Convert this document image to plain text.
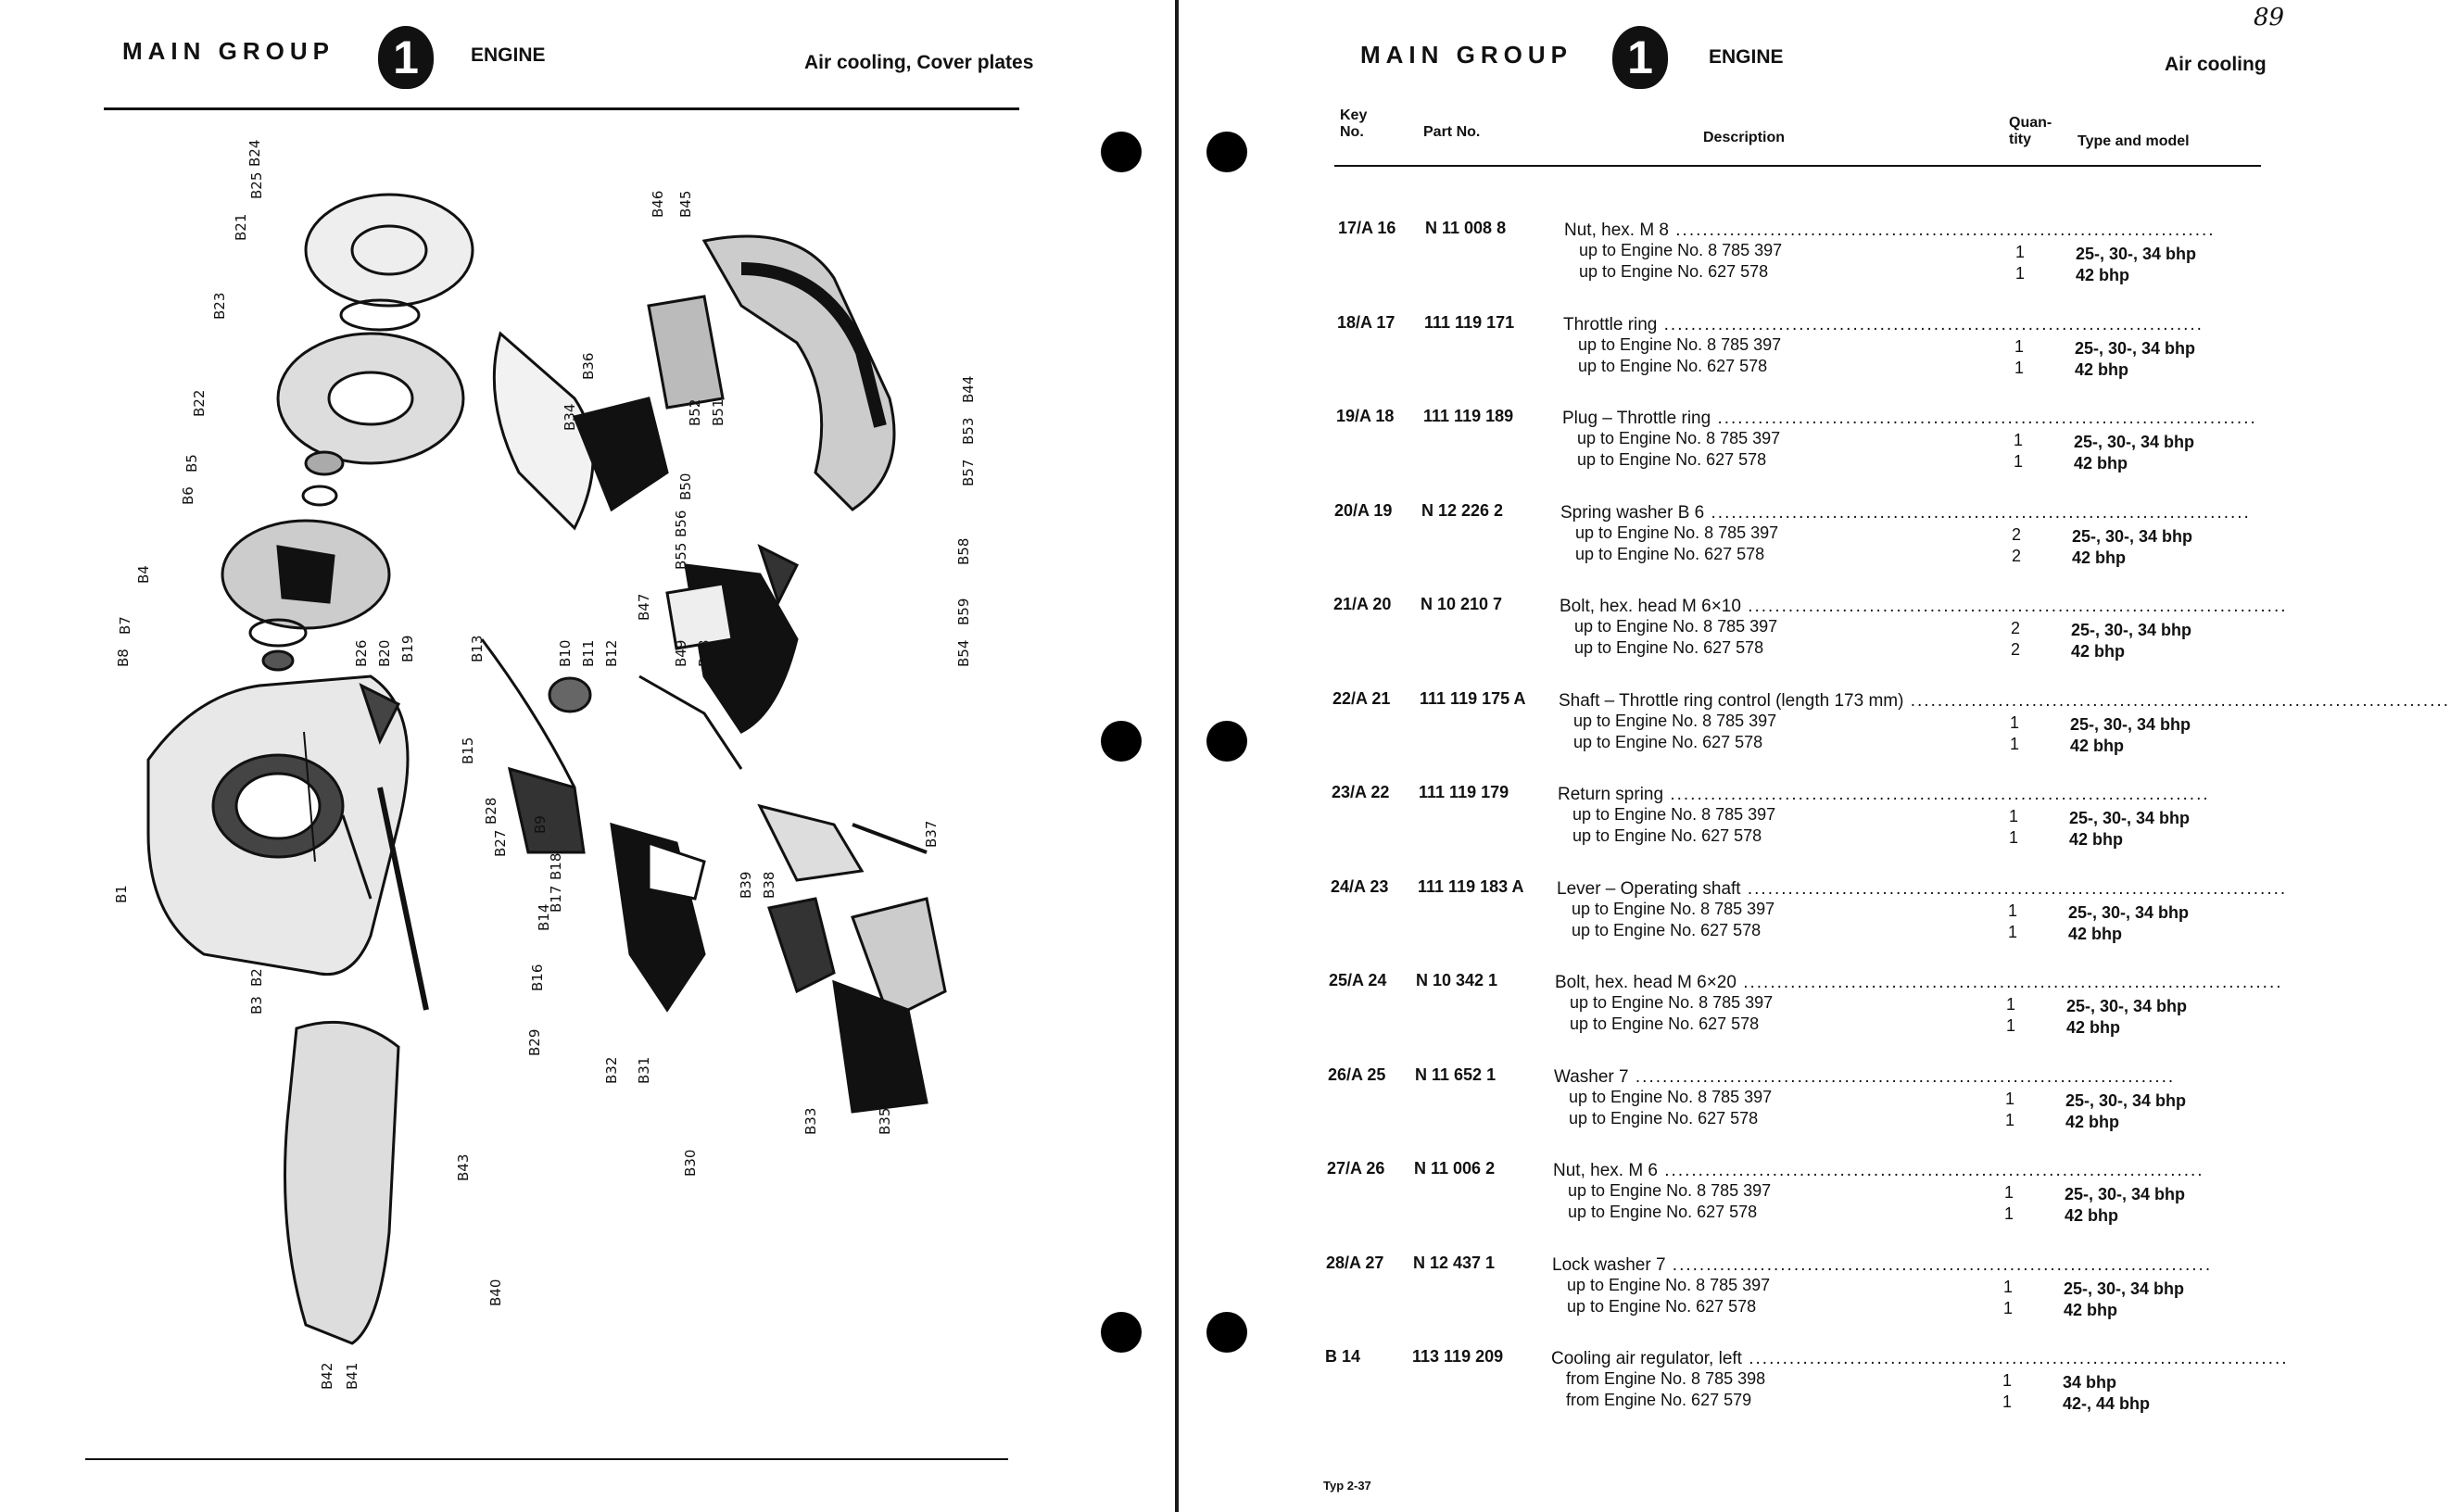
MAIN GROUP	1	ENGINE	Air cooling, Cover plates
B24
B25
B21
B23
B22
B5
B6
B4
B7
B8
B1
B2
B3
B26 B20 B19	B13	B10 B11 B12
B15
B9
B28
B27
B18
B17
B14
B16
B29
B32 B31
B30
B36
B34	B52 B51
B50
B56
B55
B47
B49 B48
B46 B45
B44
B53
B57
B58
B59
B54
B39 B38
B37
B33	B35
B43
B40
B42 B41
MAIN GROUP	1	ENGINE	Air cooling
89
Key No.	Part No.	Description
Quan- tity	Type and model
17/A 16 N 11 008 8	Nut, hex. M 8 ................................................................................
up to Engine No. 8 785 397	1	25-, 30-, 34 bhp
up to Engine No. 627 578	1	42 bhp
18/A 17 111 119 171	Throttle ring ................................................................................
up to Engine No. 8 785 397	1	25-, 30-, 34 bhp
up to Engine No. 627 578	1	42 bhp
19/A 18 111 119 189	Plug – Throttle ring ................................................................................
up to Engine No. 8 785 397	1	25-, 30-, 34 bhp
up to Engine No. 627 578	1	42 bhp
20/A 19 N 12 226 2	Spring washer B 6 ................................................................................
up to Engine No. 8 785 397	2	25-, 30-, 34 bhp
up to Engine No. 627 578	2	42 bhp
21/A 20 N 10 210 7	Bolt, hex. head M 6×10 ................................................................................
up to Engine No. 8 785 397	2	25-, 30-, 34 bhp
up to Engine No. 627 578	2	42 bhp
22/A 21 111 119 175 A Shaft – Throttle ring control (length 173 mm) ................................................................................
up to Engine No. 8 785 397	1	25-, 30-, 34 bhp
up to Engine No. 627 578	1	42 bhp
23/A 22 111 119 179	Return spring ................................................................................
up to Engine No. 8 785 397	1	25-, 30-, 34 bhp
up to Engine No. 627 578	1	42 bhp
24/A 23 111 119 183 A Lever – Operating shaft ................................................................................
up to Engine No. 8 785 397	1	25-, 30-, 34 bhp
up to Engine No. 627 578	1	42 bhp
25/A 24 N 10 342 1	Bolt, hex. head M 6×20 ................................................................................
up to Engine No. 8 785 397	1	25-, 30-, 34 bhp
up to Engine No. 627 578	1	42 bhp
26/A 25 N 11 652 1	Washer 7 ................................................................................
up to Engine No. 8 785 397	1	25-, 30-, 34 bhp
up to Engine No. 627 578	1	42 bhp
27/A 26 N 11 006 2	Nut, hex. M 6 ................................................................................
up to Engine No. 8 785 397	1	25-, 30-, 34 bhp
up to Engine No. 627 578	1	42 bhp
28/A 27 N 12 437 1	Lock washer 7 ................................................................................
up to Engine No. 8 785 397	1	25-, 30-, 34 bhp
up to Engine No. 627 578	1	42 bhp
B 14	113 119 209	Cooling air regulator, left ................................................................................
from Engine No. 8 785 398	1	34 bhp
from Engine No. 627 579	1	42-, 44 bhp
Typ 2-37
